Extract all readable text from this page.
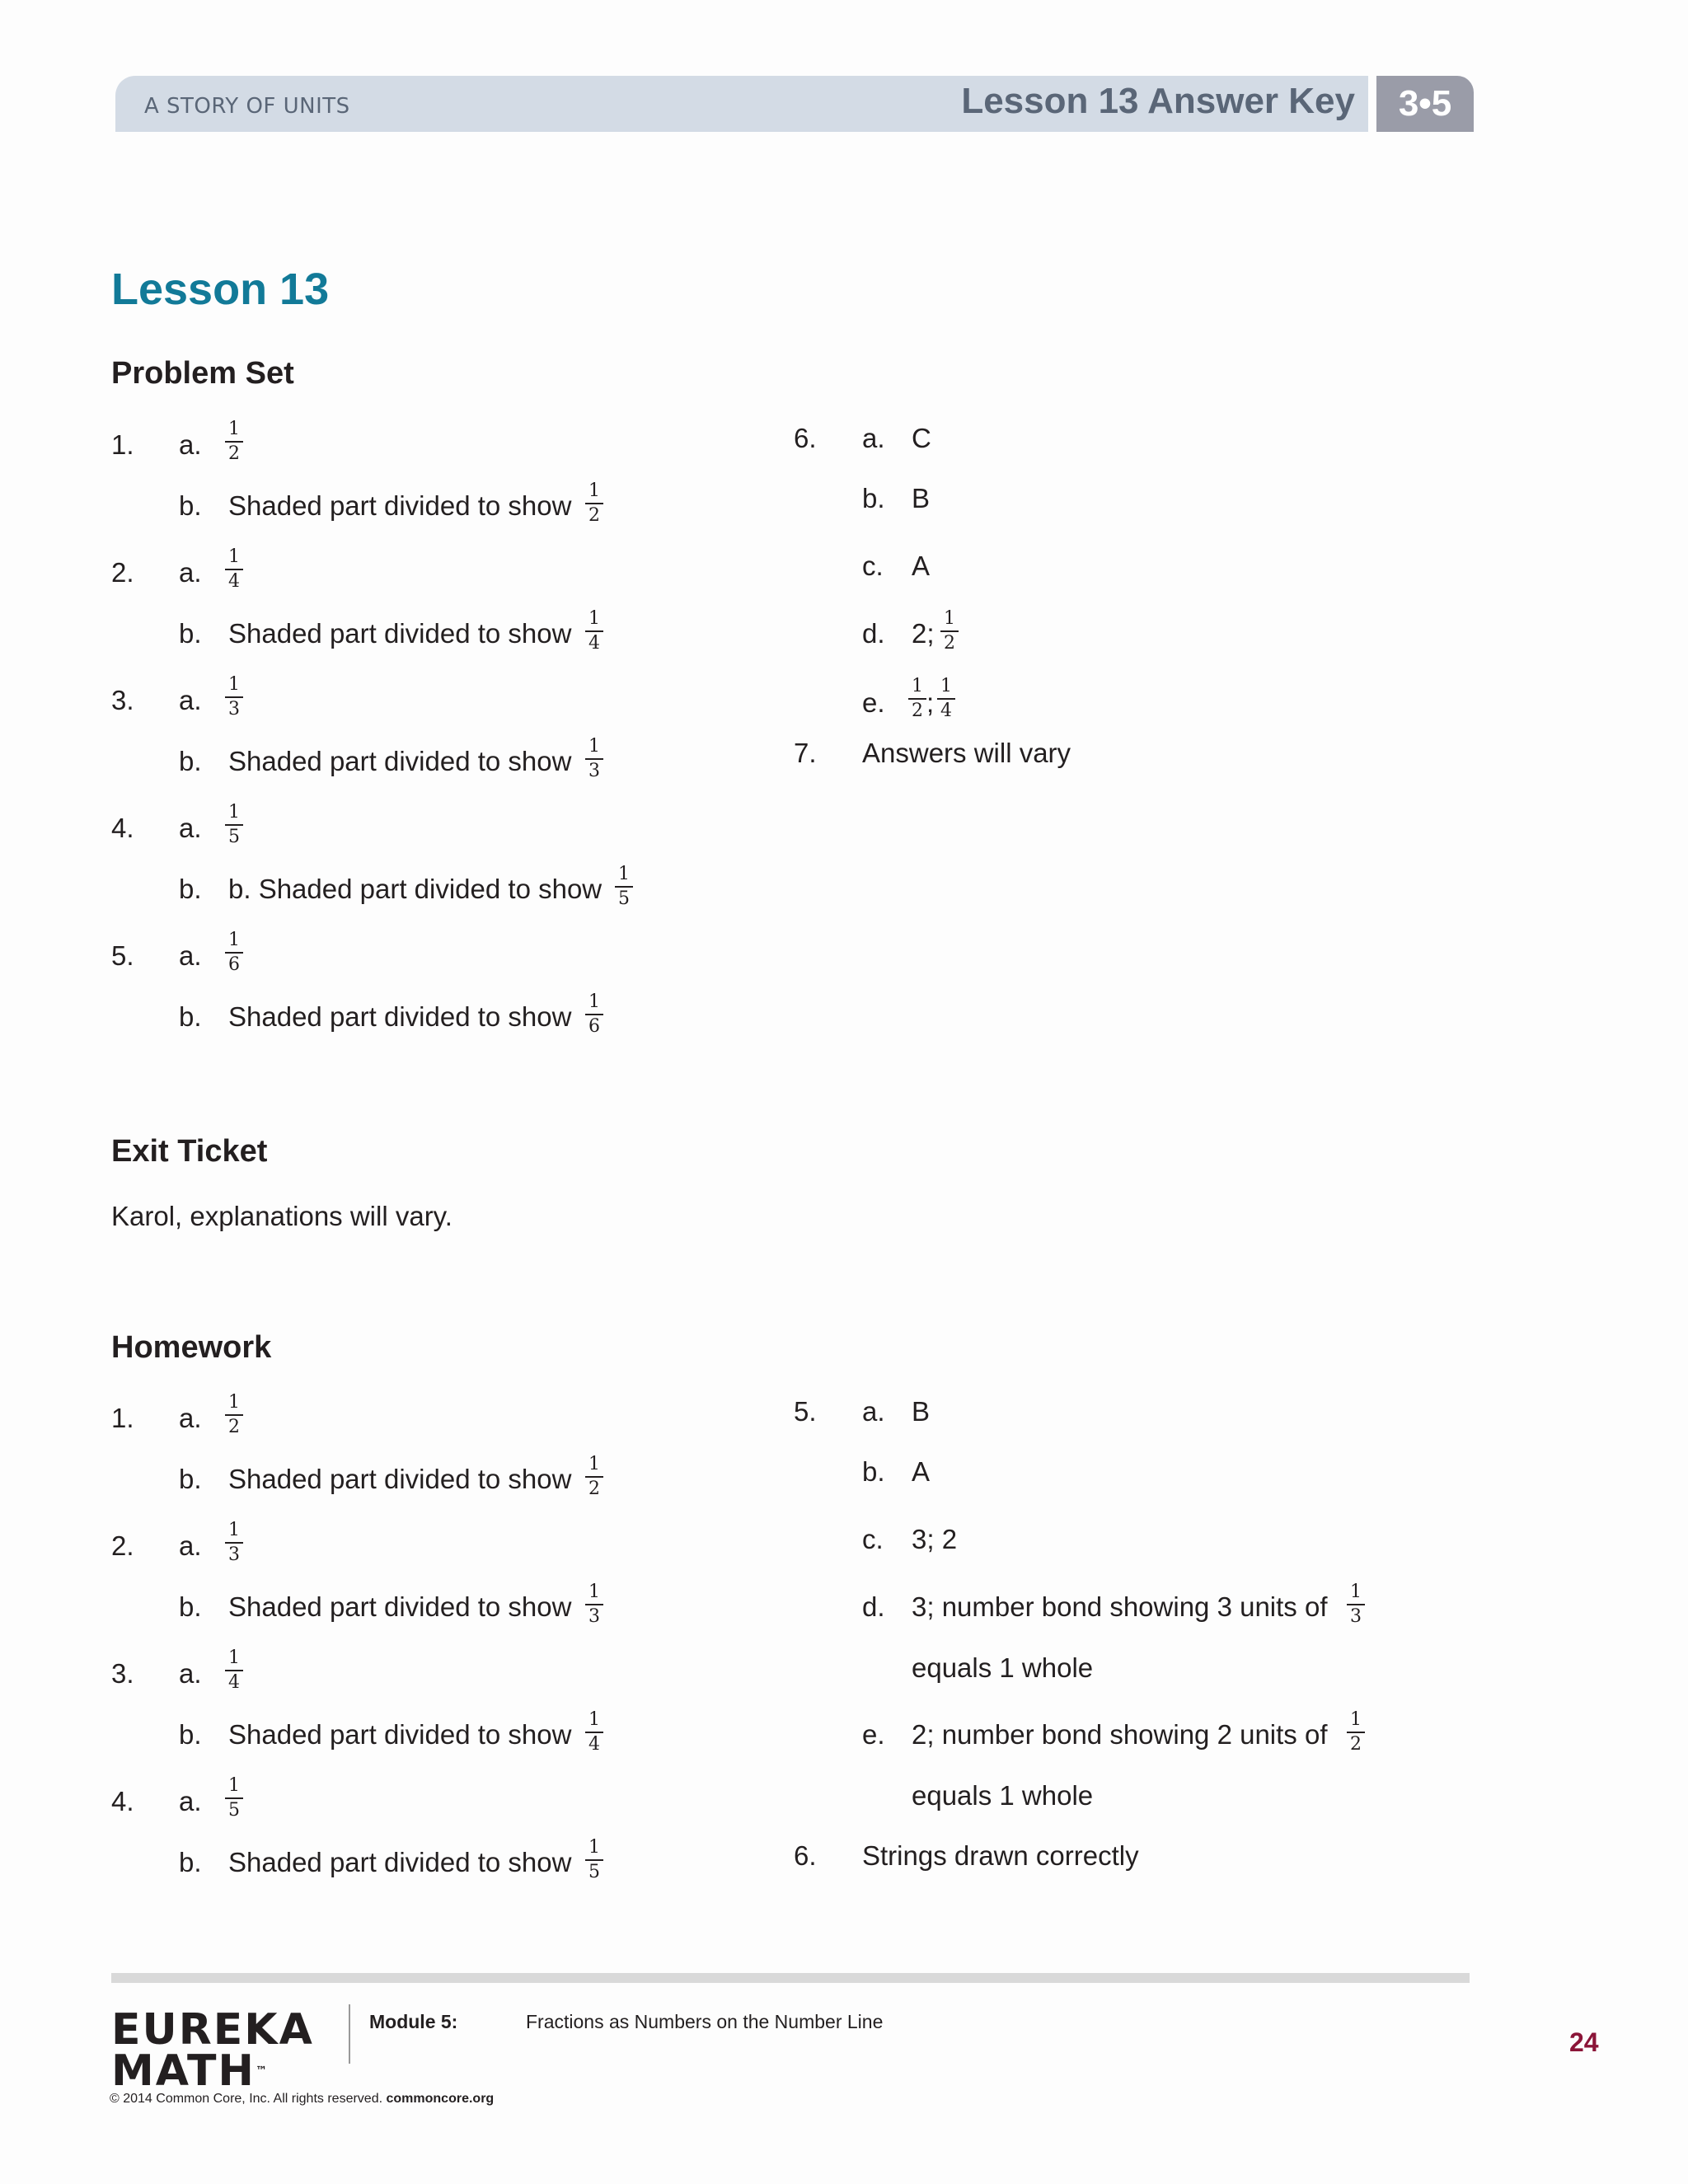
A STORY OF UNITS	Lesson 13 Answer Key	3•5
Lesson 13
Problem Set
1. a. $\frac{1}{2}$
b. Shaded part divided to show $\frac{1}{2}$
2. a. $\frac{1}{4}$
b. Shaded part divided to show $\frac{1}{4}$
3. a. $\frac{1}{3}$
b. Shaded part divided to show $\frac{1}{3}$
4. a. $\frac{1}{5}$
b. b. Shaded part divided to show $\frac{1}{5}$
5. a. $\frac{1}{6}$
b. Shaded part divided to show $\frac{1}{6}$
6. a. C
b. B
c. A
d. 2; $\frac{1}{2}$
e. $\frac{1}{2}$ ; $\frac{1}{4}$
7. Answers will vary
Exit Ticket
Karol, explanations will vary.
Homework
1. a. $\frac{1}{2}$
b. Shaded part divided to show $\frac{1}{2}$
2. a. $\frac{1}{3}$
b. Shaded part divided to show $\frac{1}{3}$
3. a. $\frac{1}{4}$
b. Shaded part divided to show $\frac{1}{4}$
4. a. $\frac{1}{5}$
b. Shaded part divided to show $\frac{1}{5}$
5. a. B
b. A
c. 3; 2
d. 3; number bond showing 3 units of $\frac{1}{3}$
equals 1 whole
e. 2; number bond showing 2 units of $\frac{1}{2}$
equals 1 whole
6. Strings drawn correctly
EUREKA
MATH™
Module 5:	Fractions as Numbers on the Number Line
24
© 2014 Common Core, Inc. All rights reserved. commoncore.org
